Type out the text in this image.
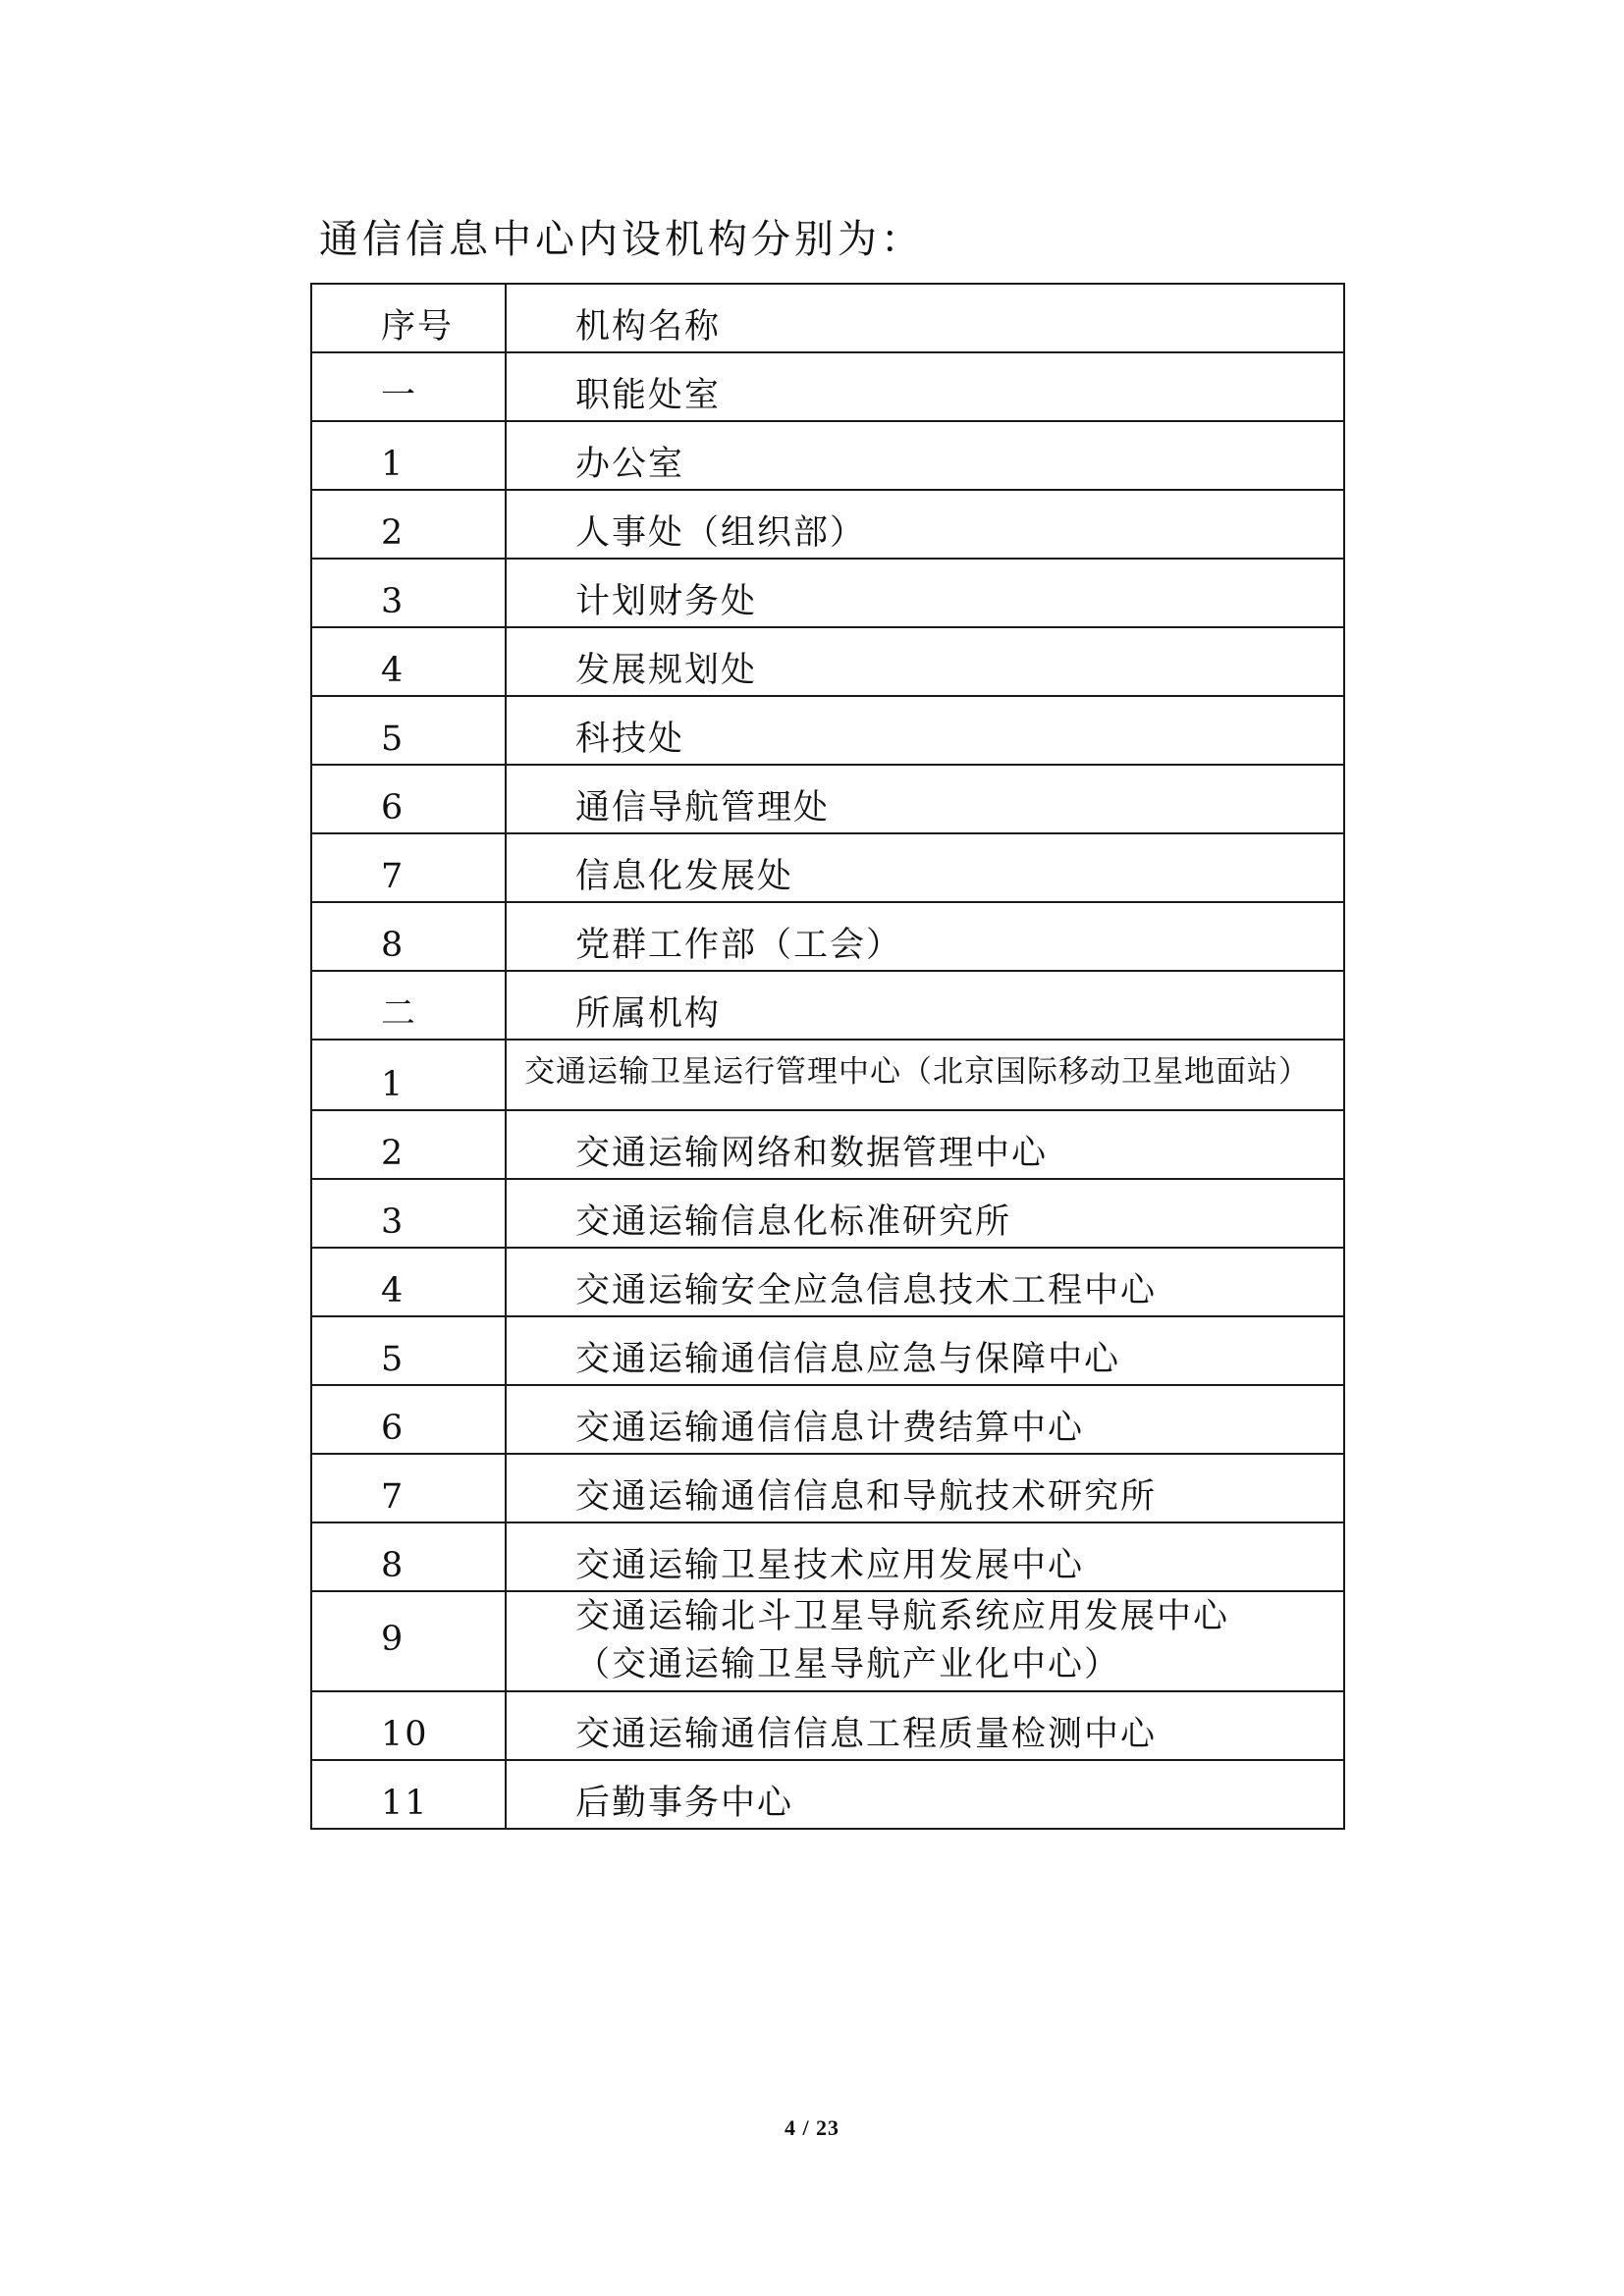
通信信息中心内设机构分别为：
序号	机构名称
一	职能处室
1	办公室
2	人事处（组织部）
3	计划财务处
4	发展规划处
5	科技处
6	通信导航管理处
7	信息化发展处
8	党群工作部（工会）
二	所属机构
1	交通运输卫星运行管理中心（北京国际移动卫星地面站）
2	交通运输网络和数据管理中心
3	交通运输信息化标准研究所
4	交通运输安全应急信息技术工程中心
5	交通运输通信信息应急与保障中心
6	交通运输通信信息计费结算中心
7	交通运输通信信息和导航技术研究所
8	交通运输卫星技术应用发展中心
9	交通运输北斗卫星导航系统应用发展中心
（交通运输卫星导航产业化中心）

10	交通运输通信信息工程质量检测中心
11	后勤事务中心
4 / 23
